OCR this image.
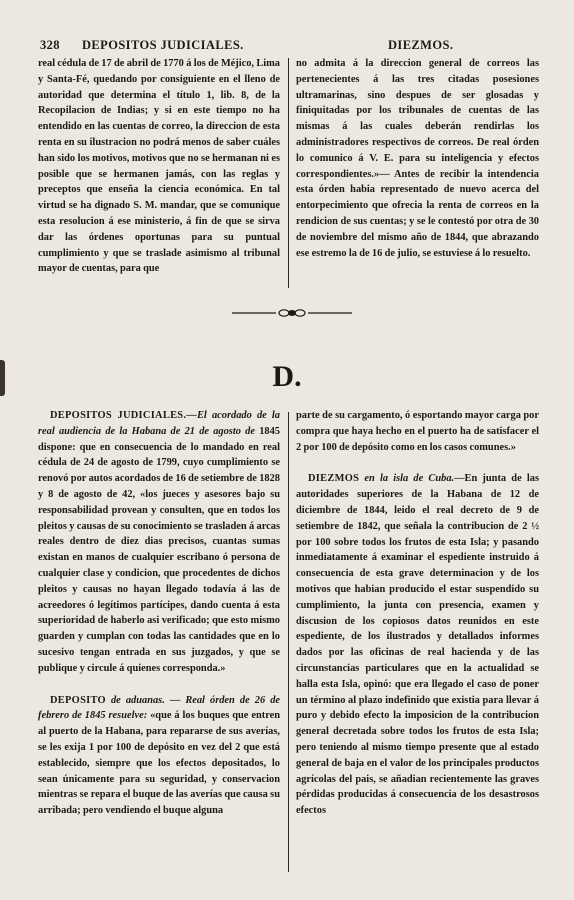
328 DEPOSITOS JUDICIALES.	DIEZMOS.

real cédula de 17 de abril de 1770 á los de Méjico, Lima y Santa-Fé, quedando por consiguiente en el lleno de autoridad que determina el título 1, lib. 8, de la Recopilacion de Indias; y si en este tiempo no ha entendido en las cuentas de correo, la direccion de esta renta en su ilustracion no podrá menos de saber cuáles han sido los motivos, motivos que no se hermanan ni es posible que se hermanen jamás, con las reglas y preceptos que enseña la ciencia económica. En tal virtud se ha dignado S. M. mandar, que se comunique esta resolucion á ese ministerio, á fin de que se sirva dar las órdenes oportunas para su puntual cumplimiento y que se traslade asimismo al tribunal mayor de cuentas, para que

no admita á la direccion general de correos las pertenecientes á las tres citadas posesiones ultramarinas, sino despues de ser glosadas y finiquitadas por los tribunales de cuentas de las mismas á las cuales deberán rendirlas los administradores respectivos de correos. De real órden lo comunico á V. E. para su inteligencia y efectos correspondientes.»— Antes de recibir la intendencia esta órden habia representado de nuevo acerca del entorpecimiento que ofrecia la renta de correos en la rendicion de sus cuentas; y se le contestó por otra de 30 de noviembre del mismo año de 1844, que abrazando ese estremo la de 16 de julio, se estuviese á lo resuelto.

D.

DEPOSITOS JUDICIALES.—El acordado de la real audiencia de la Habana de 21 de agosto de 1845 dispone: que en consecuencia de lo mandado en real cédula de 24 de agosto de 1799, cuyo cumplimiento se renovó por autos acordados de 16 de setiembre de 1828 y 8 de agosto de 42, «los jueces y asesores bajo su responsabilidad provean y consulten, que en todos los pleitos y causas de su conocimiento se trasladen á arcas reales dentro de diez dias precisos, cuantas sumas existan en manos de cualquier escribano ó persona de cualquier clase y condicion, que procedentes de dichos pleitos y causas no hayan llegado todavía á las de acreedores ó legítimos partícipes, dando cuenta á esta superioridad de haberlo asi verificado; que esto mismo guarden y cumplan con todas las cantidades que en lo sucesivo tengan entrada en sus juzgados, y que se publique y circule á quienes corresponda.»

DEPOSITO de aduanas. — Real órden de 26 de febrero de 1845 resuelve: «que á los buques que entren al puerto de la Habana, para repararse de sus averías, se les exija 1 por 100 de depósito en vez del 2 que está establecido, siempre que los efectos depositados, lo sean únicamente para su seguridad, y conservacion mientras se repara el buque de las averías que causa su arribada; pero vendiendo el buque alguna

parte de su cargamento, ó esportando mayor carga por compra que haya hecho en el puerto ha de satisfacer el 2 por 100 de depósito como en los casos comunes.»

DIEZMOS en la isla de Cuba.—En junta de las autoridades superiores de la Habana de 12 de diciembre de 1844, leido el real decreto de 9 de setiembre de 1842, que señala la contribucion de 2 ½ por 100 sobre todos los frutos de esta Isla; y pasando inmediatamente á examinar el espediente instruido á consecuencia de esta grave determinacion y de los motivos que habian producido el estar suspendido su cumplimiento, la junta con presencia, examen y discusion de los copiosos datos reunidos en este espediente, de los ilustrados y detallados informes dados por las oficinas de real hacienda y de las circunstancias particulares que en la actualidad se halla esta Isla, opinó: que era llegado el caso de poner un término al plazo indefinido que existia para llevar á puro y debido efecto la imposicion de la contribucion general decretada sobre todos los frutos de esta Isla; pero teniendo al mismo tiempo presente que al estado general de baja en el valor de los principales productos agrícolas del pais, se añadian recientemente las graves pérdidas producidas á consecuencia de los desastrosos efectos
